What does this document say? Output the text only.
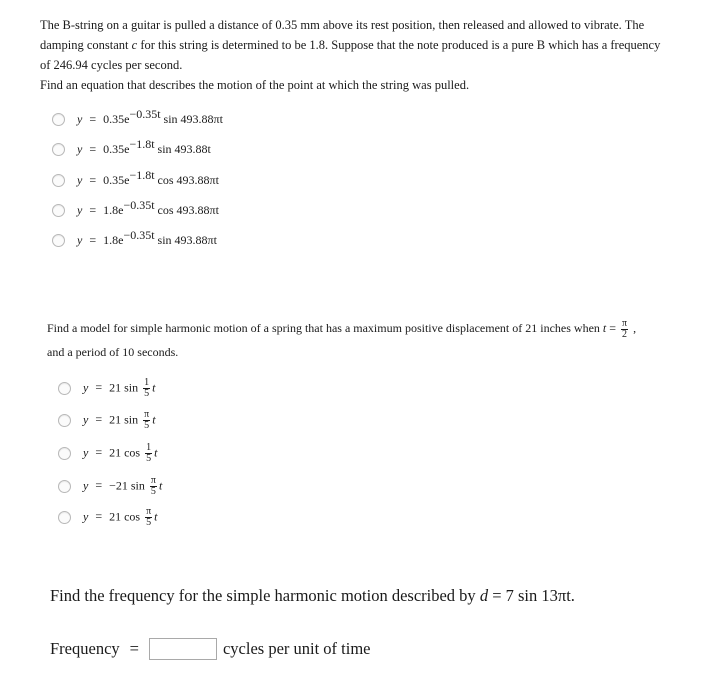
The B-string on a guitar is pulled a distance of 0.35 mm above its rest position, then released and allowed to vibrate. The

damping constant c for this string is determined to be 1.8. Suppose that the note produced is a pure B which has a frequency

of 246.94 cycles per second.

Find an equation that describes the motion of the point at which the string was pulled.

$y = 0.35e^{-0.35t}$ sin 493.88πt
$y = 0.35e^{-1.8t}$ sin 493.88t
$y = 0.35e^{-1.8t}$ cos 493.88πt
$y = 1.8e^{-0.35t}$ cos 493.88πt
$y = 1.8e^{-0.35t}$ sin 493.88πt

Find a model for simple harmonic motion of a spring that has a maximum positive displacement of 21 inches when $t = \frac{\pi}{2}$ ,

and a period of 10 seconds.

y = 21 $\sin \frac{1}{5}$ t
y = 21 $\sin \frac{\pi}{5}$ t
y = 21 $\cos \frac{1}{5}$ t
y = −21 $\sin \frac{\pi}{5}$ t
y = 21 $\cos \frac{\pi}{5}$ t
Find the frequency for the simple harmonic motion described by d = 7 sin 13πt.
Frequency =	cycles per unit of time
